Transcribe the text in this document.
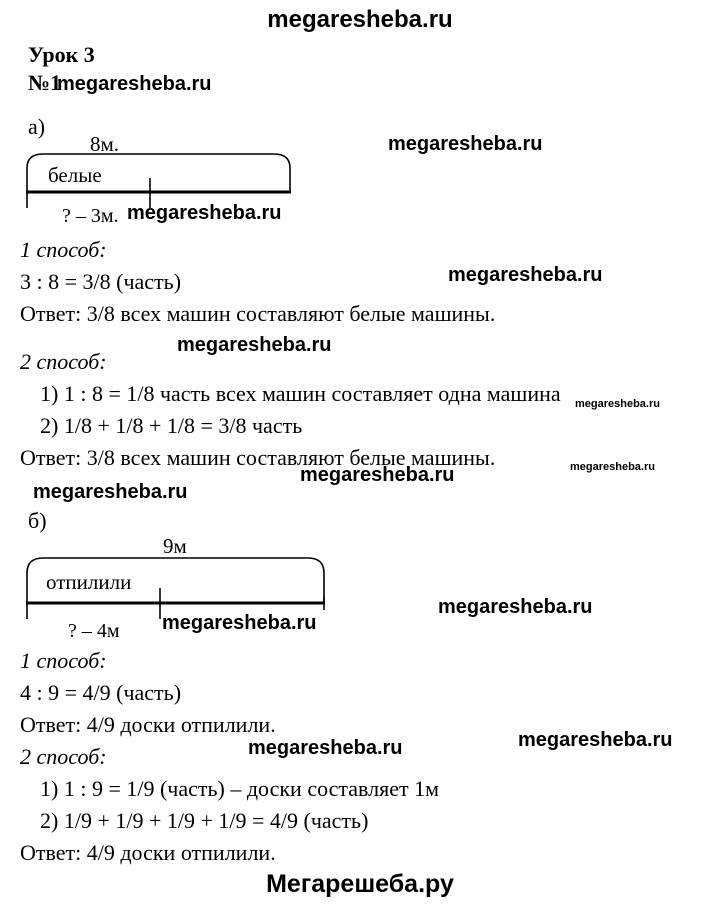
megaresheba.ru
Урок 3
№1
megaresheba.ru
а)
8м.	megaresheba.ru
белые
? – 3м. megaresheba.ru
1 способ:
3 : 8 = 3/8 (часть)	megaresheba.ru
Ответ: 3/8 всех машин составляют белые машины.
megaresheba.ru
2 способ:
1) 1 : 8 = 1/8 часть всех машин составляет одна машина megaresheba.ru
2) 1/8 + 1/8 + 1/8 = 3/8 часть
Ответ: 3/8 всех машин составляют белые машины.	megaresheba.ru
megaresheba.ru
megaresheba.ru
б)
9м
отпилили
? – 4м megaresheba.ru
megaresheba.ru
1 способ:
4 : 9 = 4/9 (часть)
Ответ: 4/9 доски отпилили.
2 способ:	megaresheba.ru	megaresheba.ru
1) 1 : 9 = 1/9 (часть) – доски составляет 1м
2) 1/9 + 1/9 + 1/9 + 1/9 = 4/9 (часть)
Ответ: 4/9 доски отпилили.
Мегарешеба.ру
